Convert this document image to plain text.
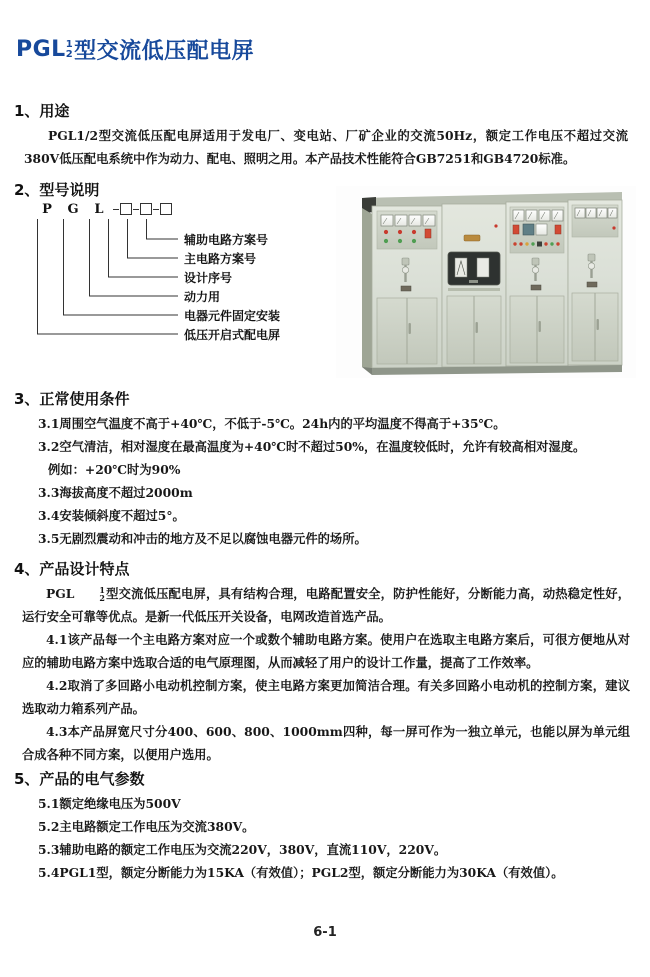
PGL 1
2 型交流低压配电屏
1、用途
PGL1/2型交流低压配电屏适用于发电厂、变电站、厂矿企业的交流50Hz，额定工作电压不超过交流380V低压配电系统中作为动力、配电、照明之用。本产品技术性能符合GB7251和GB4720标准。
2、型号说明
P	G	L
辅助电路方案号
主电路方案号
设计序号
动力用
电器元件固定安装
低压开启式配电屏
3、正常使用条件
3.1周围空气温度不高于+40℃，不低于-5℃。24h内的平均温度不得高于+35℃。
3.2空气清洁，相对湿度在最高温度为+40℃时不超过50%，在温度较低时，允许有较高相对湿度。
例如：+20℃时为90%
3.3海拔高度不超过2000m
3.4安装倾斜度不超过5°。
3.5无剧烈震动和冲击的地方及不足以腐蚀电器元件的场所。
4、产品设计特点
PGL	1
2 型交流低压配电屏，具有结构合理，电路配置安全，防护性能好，分断能力高，动热稳定性好，运行安全可靠等优点。是新一代低压开关设备，电网改造首选产品。
4.1该产品每一个主电路方案对应一个或数个辅助电路方案。使用户在选取主电路方案后，可很方便地从对应的辅助电路方案中选取合适的电气原理图，从而减轻了用户的设计工作量，提高了工作效率。
4.2取消了多回路小电动机控制方案，使主电路方案更加简洁合理。有关多回路小电动机的控制方案，建议选取动力箱系列产品。
4.3本产品屏宽尺寸分400、600、800、1000mm四种，每一屏可作为一独立单元，也能以屏为单元组合成各种不同方案，以便用户选用。
5、产品的电气参数
5.1额定绝缘电压为500V
5.2主电路额定工作电压为交流380V。
5.3辅助电路的额定工作电压为交流220V，380V，直流110V，220V。
5.4PGL1型，额定分断能力为15KA（有效值）；PGL2型，额定分断能力为30KA（有效值）。
6-1
